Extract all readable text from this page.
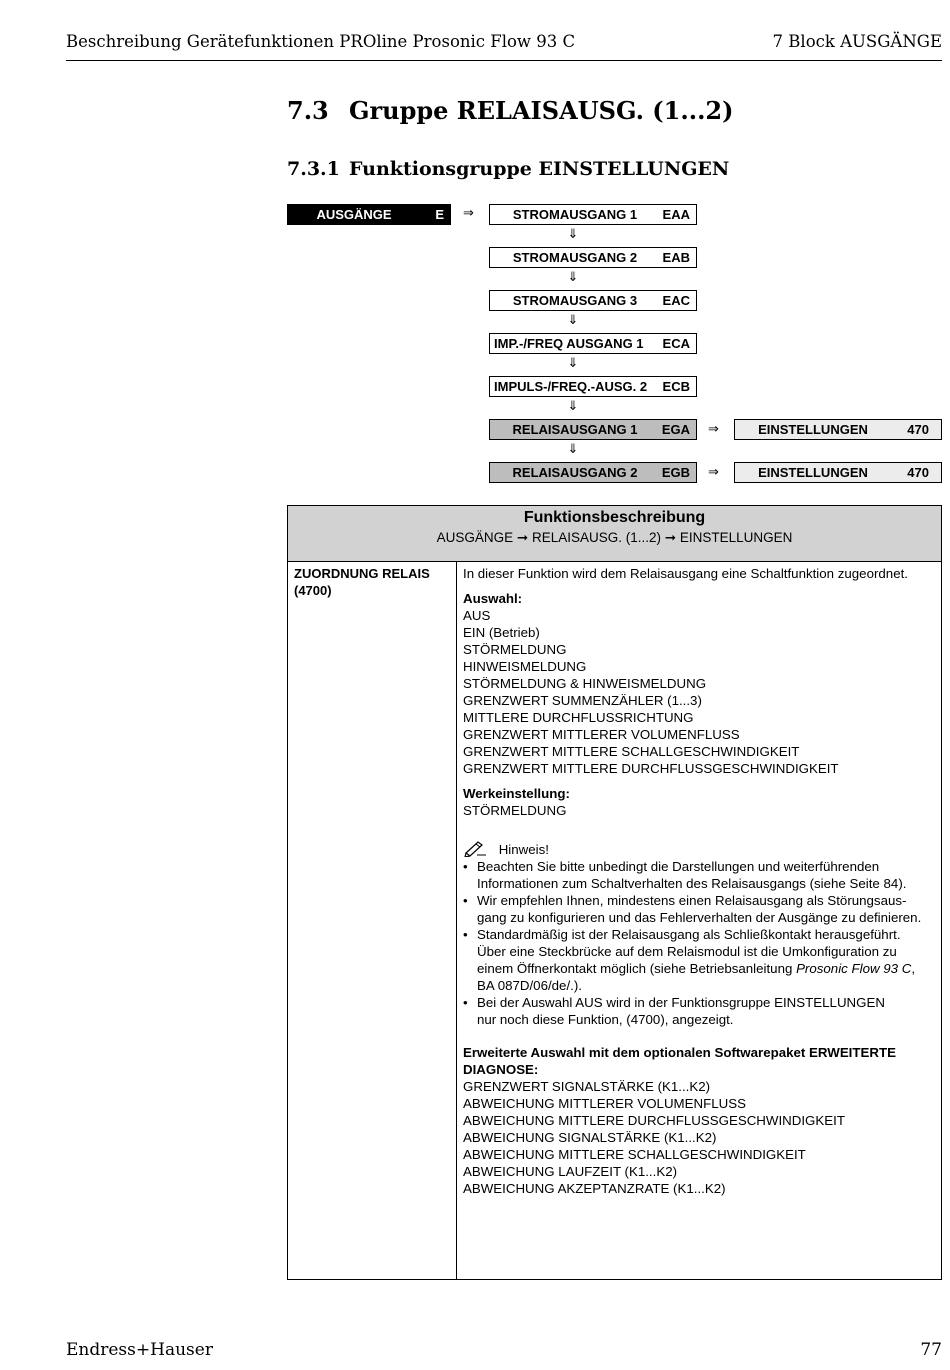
Beschreibung Gerätefunktionen PROline Prosonic Flow 93 C	7 Block AUSGÄNGE
7.3 Gruppe RELAISAUSG. (1...2)
7.3.1 Funktionsgruppe EINSTELLUNGEN
AUSGÄNGE	E ⇒	STROMAUSGANG 1	EAA
⇓
STROMAUSGANG 2	EAB
⇓
STROMAUSGANG 3	EAC
⇓
IMP.-/FREQ AUSGANG 1	ECA
⇓
IMPULS-/FREQ.-AUSG. 2	ECB
⇓
RELAISAUSGANG 1	EGA ⇒	EINSTELLUNGEN	470
⇓
RELAISAUSGANG 2	EGB ⇒	EINSTELLUNGEN	470
Funktionsbeschreibung
AUSGÄNGE ➞ RELAISAUSG. (1...2) ➞ EINSTELLUNGEN
ZUORDNUNG RELAIS
(4700)
In dieser Funktion wird dem Relaisausgang eine Schaltfunktion zugeordnet.
Auswahl:
AUS
EIN (Betrieb)
STÖRMELDUNG
HINWEISMELDUNG
STÖRMELDUNG & HINWEISMELDUNG
GRENZWERT SUMMENZÄHLER (1...3)
MITTLERE DURCHFLUSSRICHTUNG
GRENZWERT MITTLERER VOLUMENFLUSS
GRENZWERT MITTLERE SCHALLGESCHWINDIGKEIT
GRENZWERT MITTLERE DURCHFLUSSGESCHWINDIGKEIT
Werkeinstellung:
STÖRMELDUNG
Hinweis!
• Beachten Sie bitte unbedingt die Darstellungen und weiterführenden
Informationen zum Schaltverhalten des Relaisausgangs (siehe Seite 84).
• Wir empfehlen Ihnen, mindestens einen Relaisausgang als Störungsaus-
gang zu konfigurieren und das Fehlerverhalten der Ausgänge zu definieren.
• Standardmäßig ist der Relaisausgang als Schließkontakt herausgeführt.
Über eine Steckbrücke auf dem Relaismodul ist die Umkonfiguration zu
einem Öffnerkontakt möglich (siehe Betriebsanleitung Prosonic Flow 93 C,
BA 087D/06/de/.).
• Bei der Auswahl AUS wird in der Funktionsgruppe EINSTELLUNGEN
nur noch diese Funktion, (4700), angezeigt.
Erweiterte Auswahl mit dem optionalen Softwarepaket ERWEITERTE DIAGNOSE:
GRENZWERT SIGNALSTÄRKE (K1...K2)
ABWEICHUNG MITTLERER VOLUMENFLUSS
ABWEICHUNG MITTLERE DURCHFLUSSGESCHWINDIGKEIT
ABWEICHUNG SIGNALSTÄRKE (K1...K2)
ABWEICHUNG MITTLERE SCHALLGESCHWINDIGKEIT
ABWEICHUNG LAUFZEIT (K1...K2)
ABWEICHUNG AKZEPTANZRATE (K1...K2)
Endress+Hauser	77
